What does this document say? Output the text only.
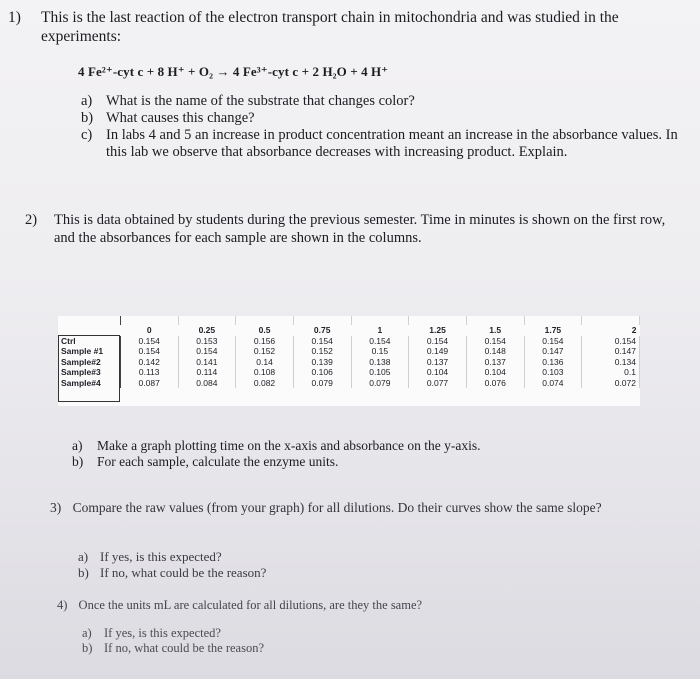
1) This is the last reaction of the electron transport chain in mitochondria and was studied in the experiments:
4 Fe²⁺-cyt c + 8 H⁺ + O₂ → 4 Fe³⁺-cyt c + 2 H₂O + 4 H⁺
a) What is the name of the substrate that changes color?
b) What causes this change?
c) In labs 4 and 5 an increase in product concentration meant an increase in the absorbance values. In this lab we observe that absorbance decreases with increasing product. Explain.
2) This is data obtained by students during the previous semester. Time in minutes is shown on the first row, and the absorbances for each sample are shown in the columns.

	0	0.25	0.5	0.75	1	1.25	1.5	1.75	2
Ctrl	0.154	0.153	0.156	0.154	0.154	0.154	0.154	0.154	0.154
Sample #1	0.154	0.154	0.152	0.152	0.15	0.149	0.148	0.147	0.147
Sample#2	0.142	0.141	0.14	0.139	0.138	0.137	0.137	0.136	0.134
Sample#3	0.113	0.114	0.108	0.106	0.105	0.104	0.104	0.103	0.1
Sample#4	0.087	0.084	0.082	0.079	0.079	0.077	0.076	0.074	0.072
a) Make a graph plotting time on the x-axis and absorbance on the y-axis.
b) For each sample, calculate the enzyme units.
3) Compare the raw values (from your graph) for all dilutions. Do their curves show the same slope?
a) If yes, is this expected?
b) If no, what could be the reason?
4) Once the units mL are calculated for all dilutions, are they the same?
a) If yes, is this expected?
b) If no, what could be the reason?
